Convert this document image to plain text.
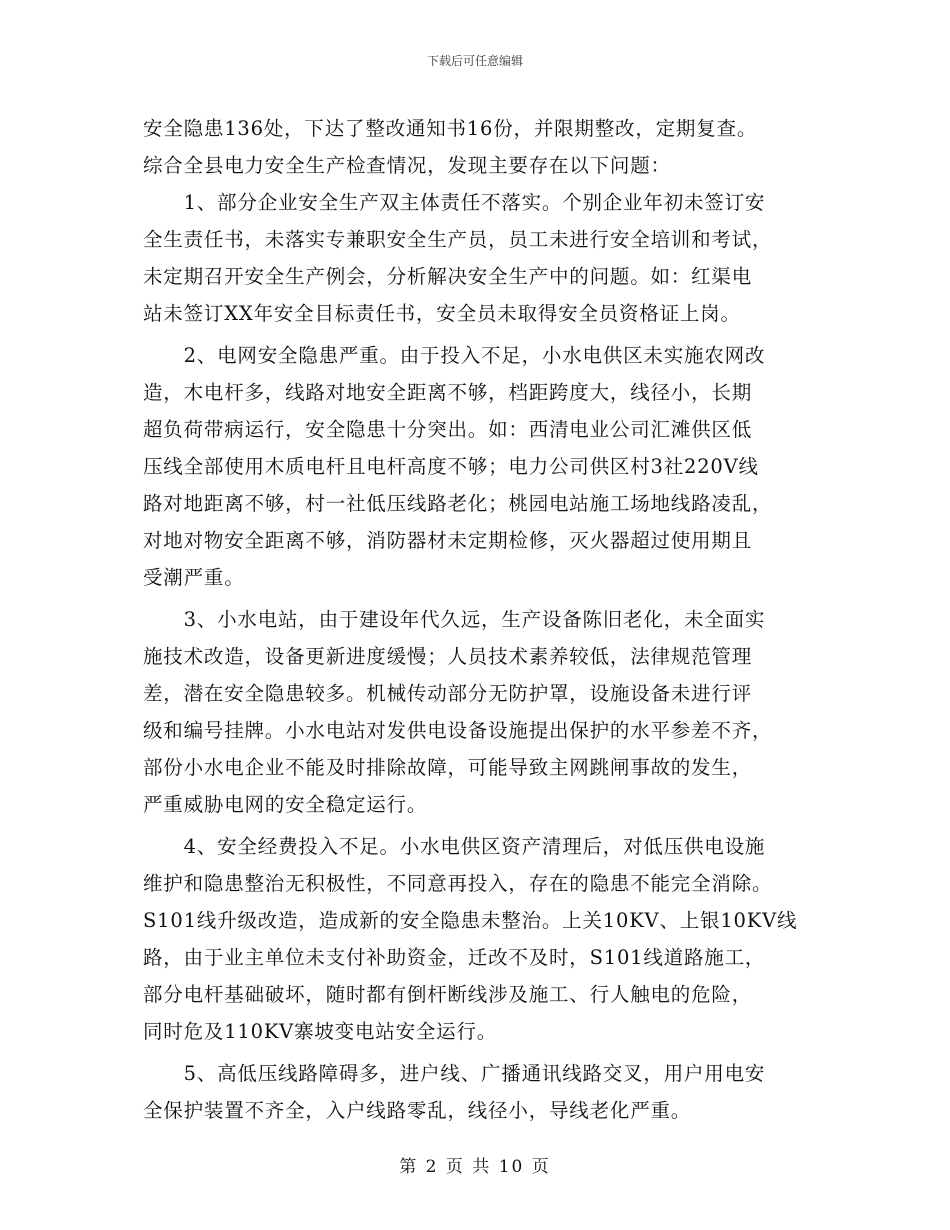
下载后可任意编辑
安全隐患136处，下达了整改通知书16份，并限期整改，定期复查。
综合全县电力安全生产检查情况，发现主要存在以下问题：
　　1、部分企业安全生产双主体责任不落实。个别企业年初未签订安
全生责任书，未落实专兼职安全生产员，员工未进行安全培训和考试，
未定期召开安全生产例会，分析解决安全生产中的问题。如：红渠电
站未签订XX年安全目标责任书，安全员未取得安全员资格证上岗。
　　2、电网安全隐患严重。由于投入不足，小水电供区未实施农网改
造，木电杆多，线路对地安全距离不够，档距跨度大，线径小，长期
超负荷带病运行，安全隐患十分突出。如：西清电业公司汇滩供区低
压线全部使用木质电杆且电杆高度不够；电力公司供区村3社220V线
路对地距离不够，村一社低压线路老化；桃园电站施工场地线路凌乱，
对地对物安全距离不够，消防器材未定期检修，灭火器超过使用期且
受潮严重。
　　3、小水电站，由于建设年代久远，生产设备陈旧老化，未全面实
施技术改造，设备更新进度缓慢；人员技术素养较低，法律规范管理
差，潜在安全隐患较多。机械传动部分无防护罩，设施设备未进行评
级和编号挂牌。小水电站对发供电设备设施提出保护的水平参差不齐，
部份小水电企业不能及时排除故障，可能导致主网跳闸事故的发生，
严重威胁电网的安全稳定运行。
　　4、安全经费投入不足。小水电供区资产清理后，对低压供电设施
维护和隐患整治无积极性，不同意再投入，存在的隐患不能完全消除。
S101线升级改造，造成新的安全隐患未整治。上关10KV、上银10KV线
路，由于业主单位未支付补助资金，迁改不及时，S101线道路施工，
部分电杆基础破坏，随时都有倒杆断线涉及施工、行人触电的危险，
同时危及110KV寨坡变电站安全运行。
　　5、高低压线路障碍多，进户线、广播通讯线路交叉，用户用电安
全保护装置不齐全，入户线路零乱，线径小，导线老化严重。
第 2 页 共 10 页
